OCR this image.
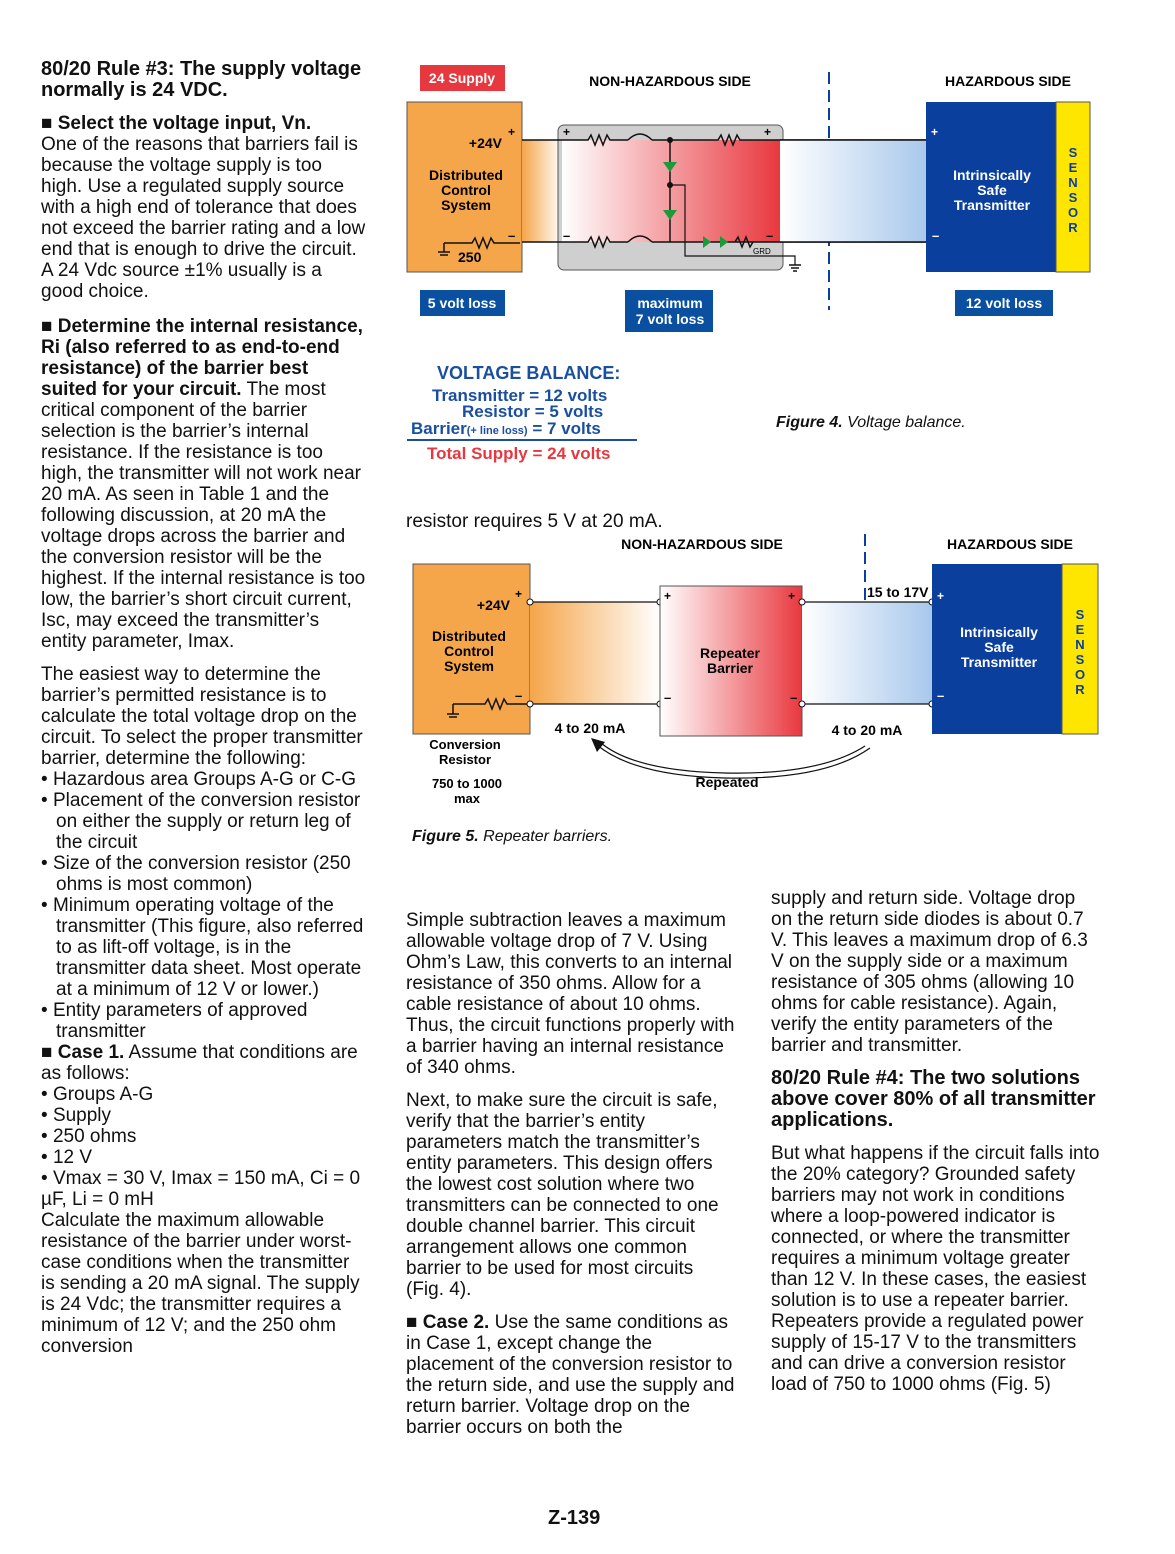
80/20 Rule #3: The supply voltage normally is 24 VDC.

■ Select the voltage input, Vn.
One of the reasons that barriers fail is because the voltage supply is too high. Use a regulated supply source with a high end of tolerance that does not exceed the barrier rating and a low end that is enough to drive the circuit. A 24 Vdc source ±1% usually is a good choice.

■ Determine the internal resistance, Ri (also referred to as end-to-end resistance) of the barrier best suited for your circuit. The most critical component of the barrier selection is the barrier’s internal resistance. If the resistance is too high, the transmitter will not work near 20 mA. As seen in Table 1 and the following discussion, at 20 mA the voltage drops across the barrier and the conversion resistor will be the highest. If the internal resistance is too low, the barrier’s short circuit current, Isc, may exceed the transmitter’s entity parameter, Imax.

The easiest way to determine the barrier’s permitted resistance is to calculate the total voltage drop on the circuit. To select the proper transmitter barrier, determine the following:

• Hazardous area Groups A-G or C-G
• Placement of the conversion resistor on either the supply or return leg of the circuit
• Size of the conversion resistor (250 ohms is most common)
• Minimum operating voltage of the transmitter (This figure, also referred to as lift-off voltage, is in the transmitter data sheet. Most operate at a minimum of 12 V or lower.)
• Entity parameters of approved transmitter
■ Case 1. Assume that conditions are as follows:
• Groups A-G
• Supply
• 250 ohms
• 12 V
• Vmax = 30 V, Imax = 150 mA, Ci = 0 µF, Li = 0 mH
Calculate the maximum allowable resistance of the barrier under worst-case conditions when the transmitter is sending a 20 mA signal. The supply is 24 Vdc; the transmitter requires a minimum of 12 V; and the 250 ohm conversion
24 Supply	NON-HAZARDOUS SIDE	HAZARDOUS SIDE
+24V
+
Distributed
Control
System
–
250
+	+
–	–
GRD
+
–
Intrinsically
Safe
Transmitter
S
E
N
S
O
R
5 volt loss	maximum
7 volt loss
12 volt loss
VOLTAGE BALANCE:
Transmitter = 12 volts
Resistor = 5 volts
Barrier(+ line loss) = 7 volts
Total Supply = 24 volts
Figure 4. Voltage balance.
resistor requires 5 V at 20 mA.
NON-HAZARDOUS SIDE	HAZARDOUS SIDE
+24V
+
Distributed
Control
System
–
+	+
–	–
Repeater
Barrier
15 to 17V +
–
Intrinsically
Safe
Transmitter
S
E
N
S
O
R
4 to 20 mA	4 to 20 mA
Repeated
Conversion
Resistor
750 to 1000
max
Figure 5. Repeater barriers.

Simple subtraction leaves a maximum allowable voltage drop of 7 V. Using Ohm’s Law, this converts to an internal resistance of 350 ohms. Allow for a cable resistance of about 10 ohms. Thus, the circuit functions properly with a barrier having an internal resistance of 340 ohms.

Next, to make sure the circuit is safe, verify that the barrier’s entity parameters match the transmitter’s entity parameters. This design offers the lowest cost solution where two transmitters can be connected to one double channel barrier. This circuit arrangement allows one common barrier to be used for most circuits (Fig. 4).

■ Case 2. Use the same conditions as in Case 1, except change the placement of the conversion resistor to the return side, and use the supply and return barrier. Voltage drop on the barrier occurs on both the

supply and return side. Voltage drop on the return side diodes is about 0.7 V. This leaves a maximum drop of 6.3 V on the supply side or a maximum resistance of 305 ohms (allowing 10 ohms for cable resistance). Again, verify the entity parameters of the barrier and transmitter.

80/20 Rule #4: The two solutions above cover 80% of all transmitter applications.

But what happens if the circuit falls into the 20% category? Grounded safety barriers may not work in conditions where a loop-powered indicator is connected, or where the transmitter requires a minimum voltage greater than 12 V. In these cases, the easiest solution is to use a repeater barrier. Repeaters provide a regulated power supply of 15-17 V to the transmitters and can drive a conversion resistor load of 750 to 1000 ohms (Fig. 5)

Z-139
